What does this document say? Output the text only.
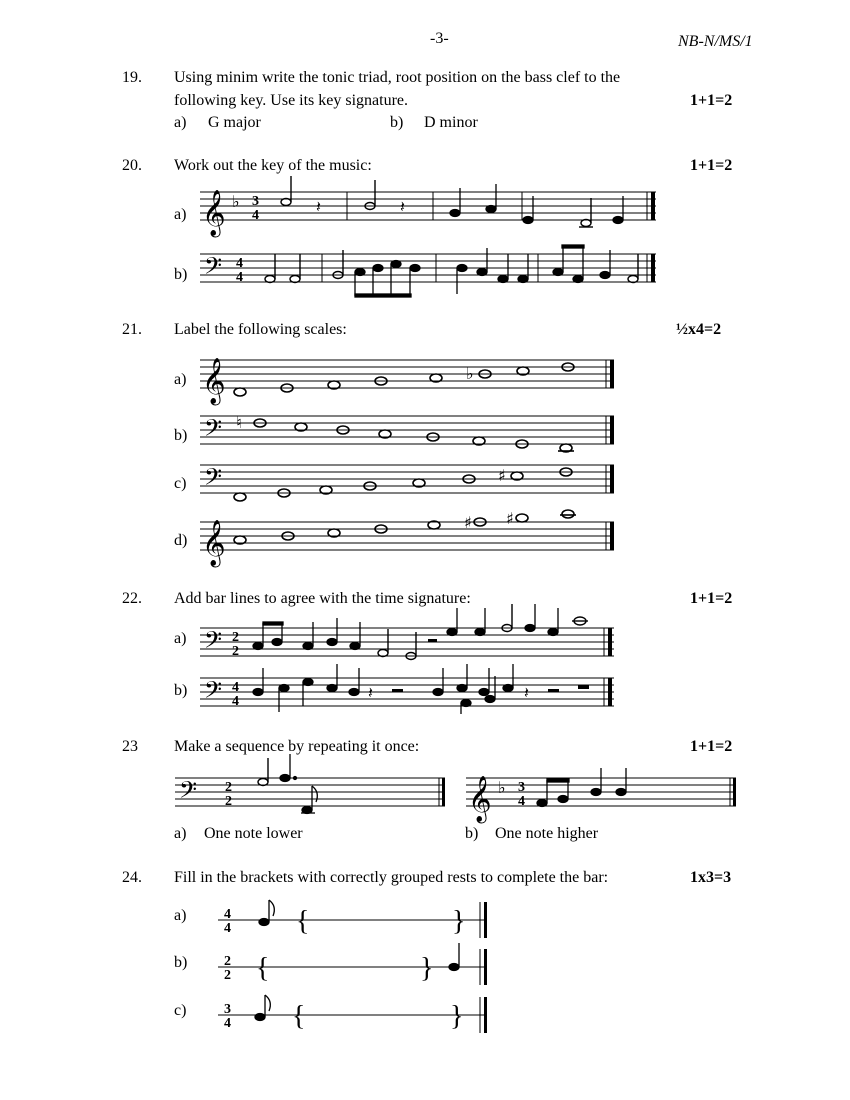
-3-	NB-N/MS/1
19. Using minim write the tonic triad, root position on the bass clef to the
following key. Use its key signature.	1+1=2
a) G major	b) D minor
20. Work out the key of the music:	1+1=2
a)
b)
𝄞 ♭ 3
4	𝄽	𝄽
𝄢 4
4
21. Label the following scales:	½x4=2
a)
b)
c)
d)
𝄞	♭
𝄢 ♮
𝄢	♯
𝄞	♯ ♯
22. Add bar lines to agree with the time signature:	1+1=2
a)
b)
𝄢 2
2
𝄢 4
4	𝄽	𝄽
23 Make a sequence by repeating it once:	1+1=2
𝄢 2
2	𝄞 ♭ 3
4
a) One note lower	b) One note higher
24. Fill in the brackets with correctly grouped rests to complete the bar:	1x3=3
a)
b)
c)
4
4 {	}
2
2 {	}
3
4 {	}
